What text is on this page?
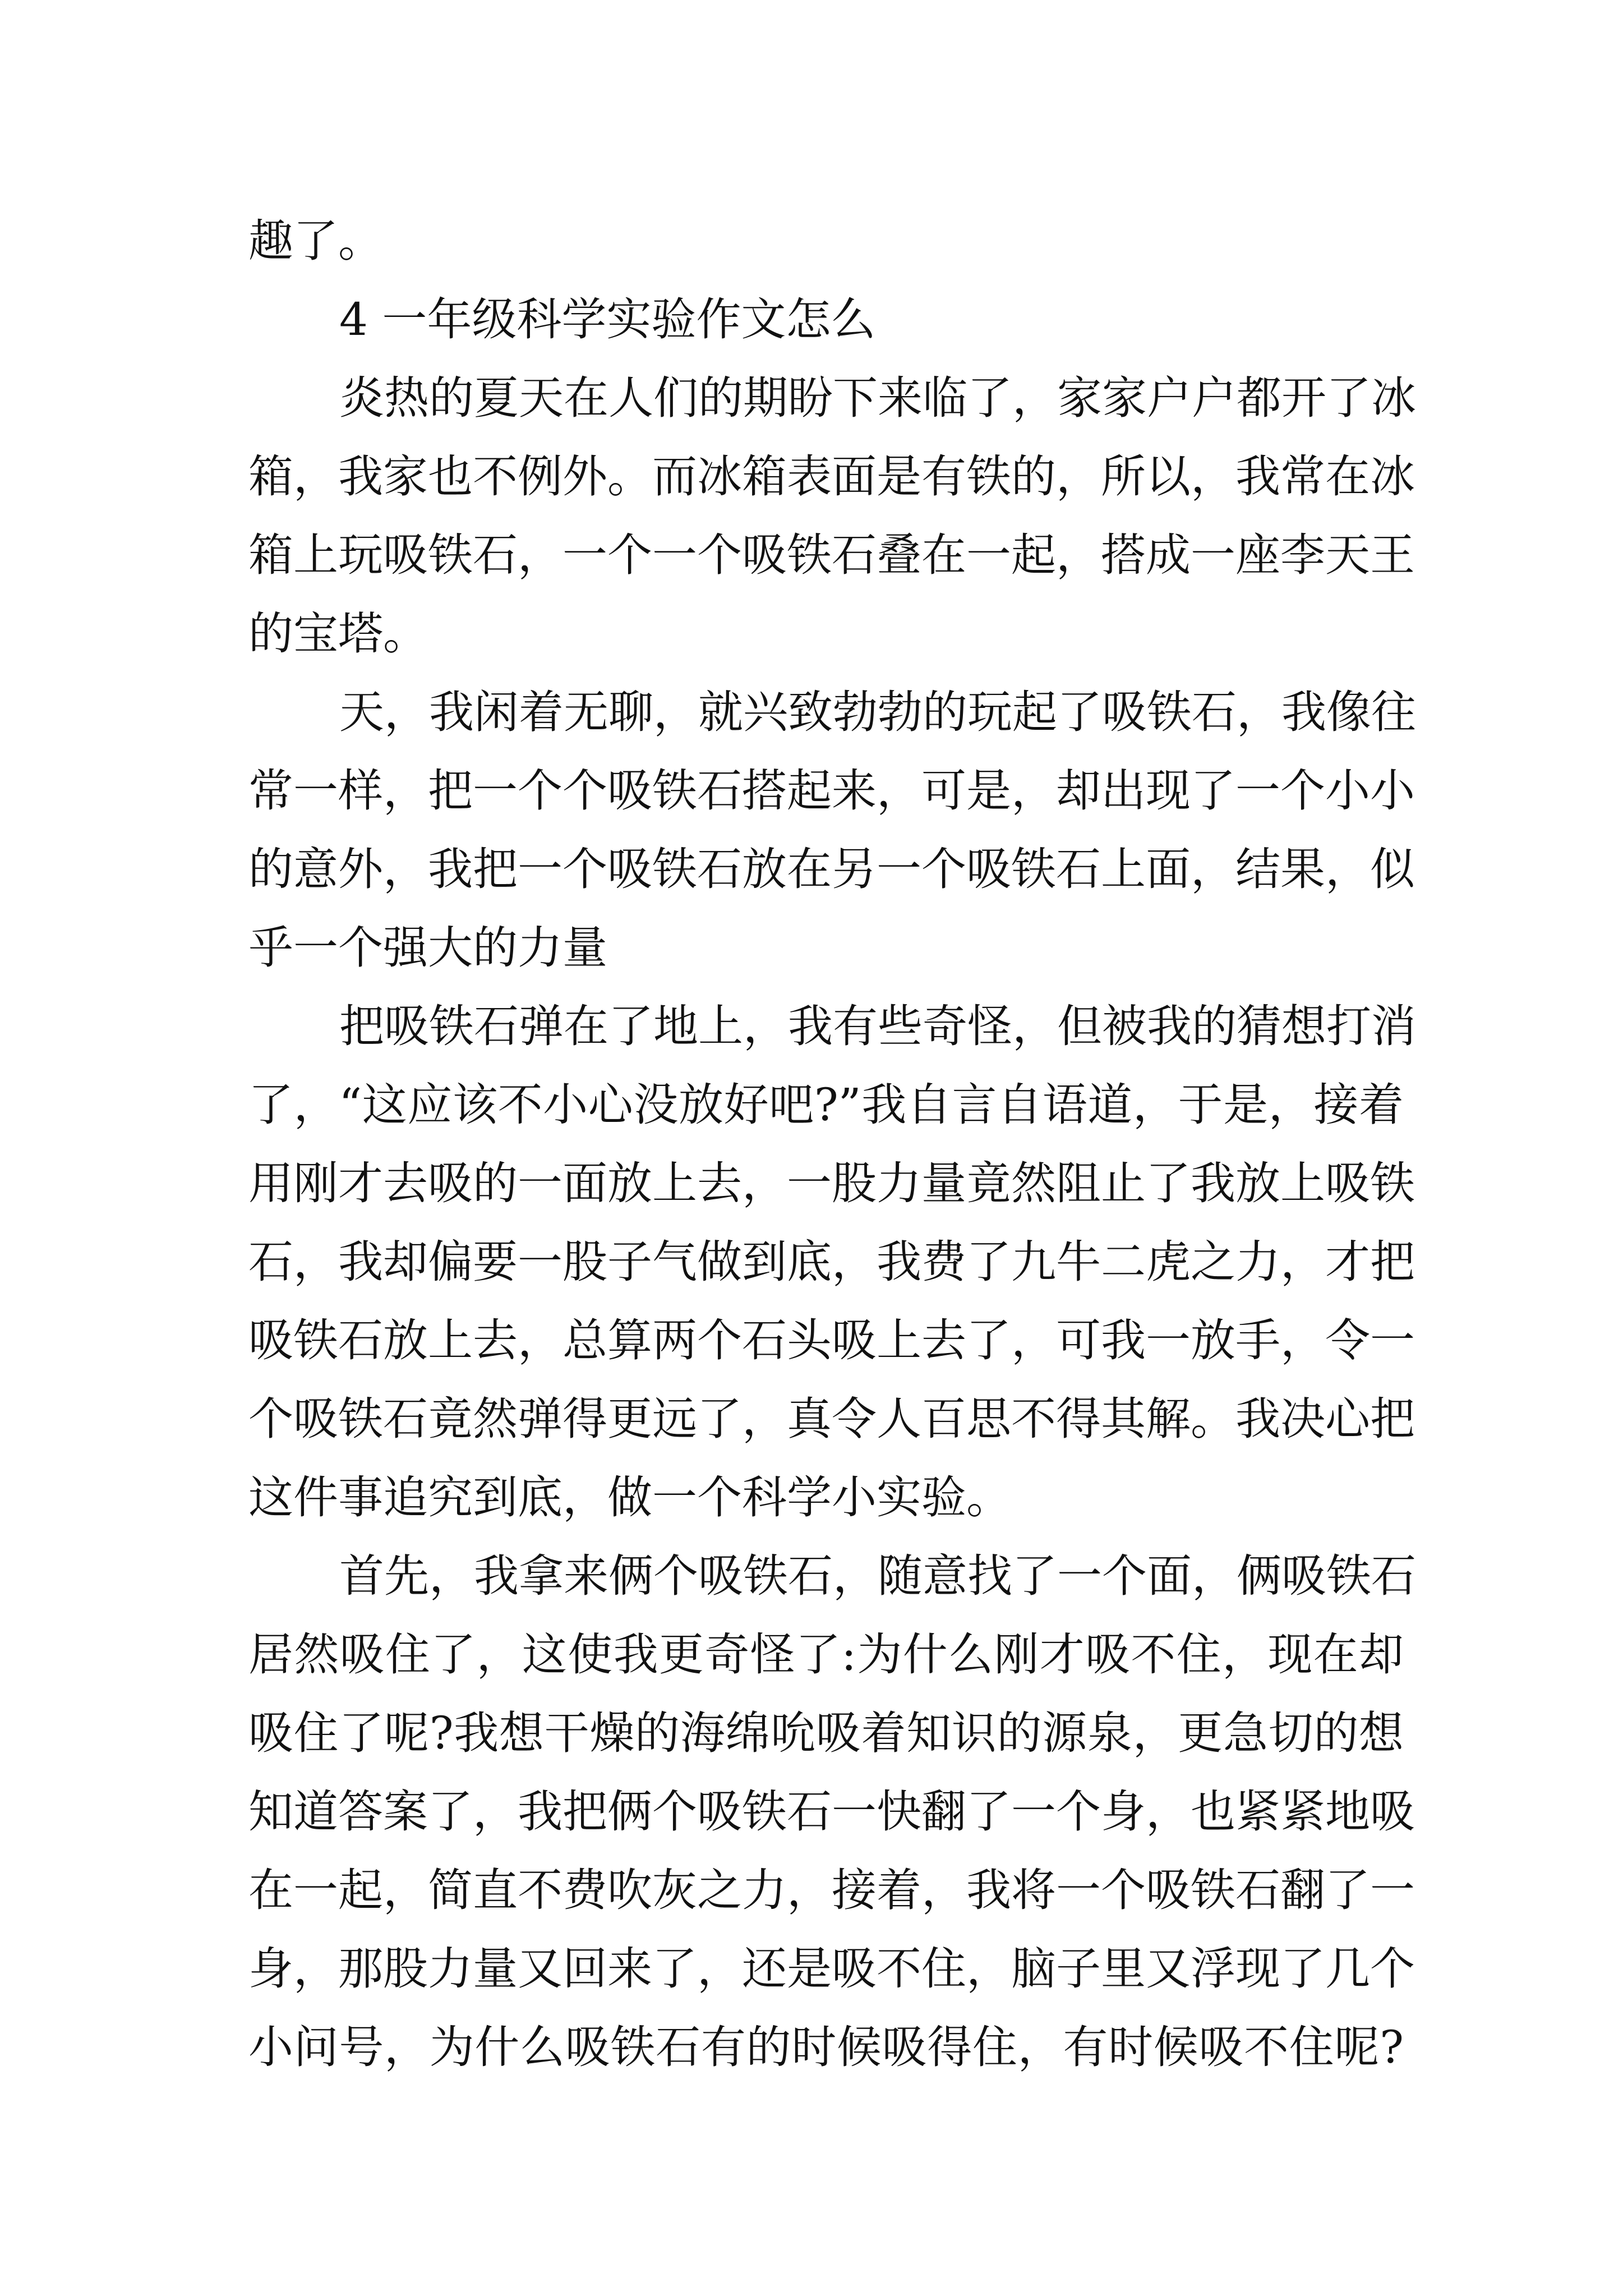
趣了。
4 一年级科学实验作文怎么
炎热的夏天在人们的期盼下来临了，家家户户都开了冰
箱，我家也不例外。而冰箱表面是有铁的，所以，我常在冰
箱上玩吸铁石，一个一个吸铁石叠在一起，搭成一座李天王
的宝塔。
天，我闲着无聊，就兴致勃勃的玩起了吸铁石，我像往
常一样，把一个个吸铁石搭起来，可是，却出现了一个小小
的意外，我把一个吸铁石放在另一个吸铁石上面，结果，似
乎一个强大的力量
把吸铁石弹在了地上，我有些奇怪，但被我的猜想打消
了，“这应该不小心没放好吧?”我自言自语道，于是，接着
用刚才去吸的一面放上去，一股力量竟然阻止了我放上吸铁
石，我却偏要一股子气做到底，我费了九牛二虎之力，才把
吸铁石放上去，总算两个石头吸上去了，可我一放手，令一
个吸铁石竟然弹得更远了，真令人百思不得其解。我决心把
这件事追究到底，做一个科学小实验。
首先，我拿来俩个吸铁石，随意找了一个面，俩吸铁石
居然吸住了，这使我更奇怪了:为什么刚才吸不住，现在却
吸住了呢?我想干燥的海绵吮吸着知识的源泉，更急切的想
知道答案了，我把俩个吸铁石一快翻了一个身，也紧紧地吸
在一起，简直不费吹灰之力，接着，我将一个吸铁石翻了一
身，那股力量又回来了，还是吸不住，脑子里又浮现了几个
小问号，为什么吸铁石有的时候吸得住，有时候吸不住呢?
